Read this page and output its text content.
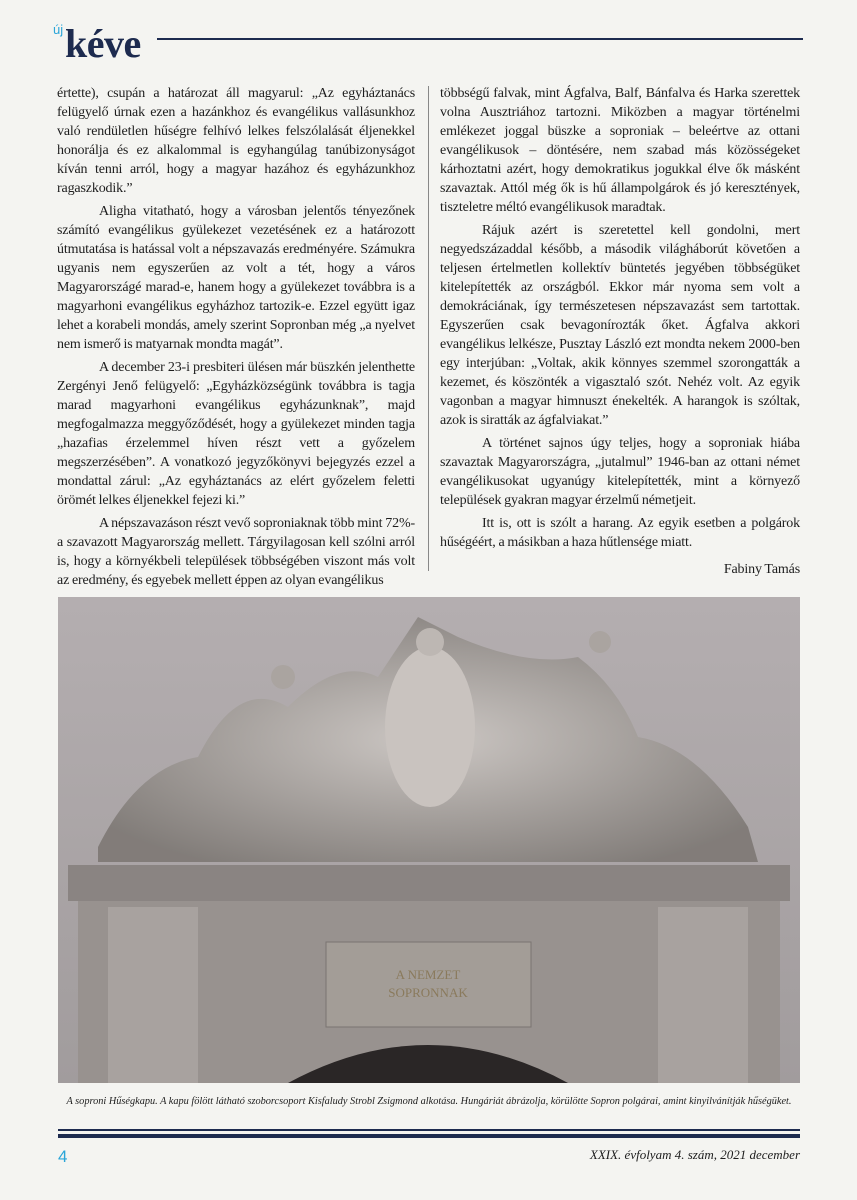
új kéve

értette), csupán a határozat áll magyarul: „Az egyháztanács felügyelő úrnak ezen a hazánkhoz és evangélikus vallásunkhoz való rendületlen hűségre felhívó lelkes felszólalását éljenekkel honorálja és ez alkalommal is egyhangúlag tanúbizonyságot kíván tenni arról, hogy a magyar hazához és egyházunkhoz ragaszkodik.”

Aligha vitatható, hogy a városban jelentős tényezőnek számító evangélikus gyülekezet vezetésének ez a határozott útmutatása is hatással volt a népszavazás eredményére. Számukra ugyanis nem egyszerűen az volt a tét, hogy a város Magyarországé marad-e, hanem hogy a gyülekezet továbbra is a magyarhoni evangélikus egyházhoz tartozik-e. Ezzel együtt igaz lehet a korabeli mondás, amely szerint Sopronban még „a nyelvet nem ismerő is matyarnak mondta magát”.

A december 23-i presbiteri ülésen már büszkén jelenthette Zergényi Jenő felügyelő: „Egyházközségünk továbbra is tagja marad magyarhoni evangélikus egyházunknak”, majd megfogalmazza meggyőződését, hogy a gyülekezet minden tagja „hazafias érzelemmel híven részt vett a győzelem megszerzésében”. A vonatkozó jegyzőkönyvi bejegyzés ezzel a mondattal zárul: „Az egyháztanács az elért győzelem feletti örömét lelkes éljenekkel fejezi ki.”

A népszavazáson részt vevő soproniaknak több mint 72%-a szavazott Magyarország mellett. Tárgyilagosan kell szólni arról is, hogy a környékbeli települések többségében viszont más volt az eredmény, és egyebek mellett éppen az olyan evangélikus

többségű falvak, mint Ágfalva, Balf, Bánfalva és Harka szerettek volna Ausztriához tartozni. Miközben a magyar történelmi emlékezet joggal büszke a soproniak – beleértve az ottani evangélikusok – döntésére, nem szabad más közösségeket kárhoztatni azért, hogy demokratikus jogukkal élve ők másként szavaztak. Attól még ők is hű állampolgárok és jó keresztények, tiszteletre méltó evangélikusok maradtak.

Rájuk azért is szeretettel kell gondolni, mert negyedszázaddal később, a második világháborút követően a teljesen értelmetlen kollektív büntetés jegyében többségüket kitelepítették az országból. Ekkor már nyoma sem volt a demokráciának, így természetesen népszavazást sem tartottak. Egyszerűen csak bevagonírozták őket. Ágfalva akkori evangélikus lelkésze, Pusztay László ezt mondta nekem 2000-ben egy interjúban: „Voltak, akik könnyes szemmel szorongatták a kezemet, és köszönték a vigasztaló szót. Nehéz volt. Az egyik vagonban a magyar himnuszt énekelték. A harangok is szóltak, azok is siratták az ágfalviakat.”

A történet sajnos úgy teljes, hogy a soproniak hiába szavaztak Magyarországra, „jutalmul” 1946-ban az ottani német evangélikusokat ugyanúgy kitelepítették, mint a környező települések gyakran magyar érzelmű németjeit.

Itt is, ott is szólt a harang. Az egyik esetben a polgárok hűségéért, a másikban a haza hűtlensége miatt.

Fabiny Tamás

A NEMZET
SOPRONNAK
A soproni Hűségkapu. A kapu fölött látható szoborcsoport Kisfaludy Strobl Zsigmond alkotása. Hungáriát ábrázolja, körülötte Sopron polgárai, amint kinyilvánítják hűségüket.
4	XXIX. évfolyam 4. szám, 2021 december
